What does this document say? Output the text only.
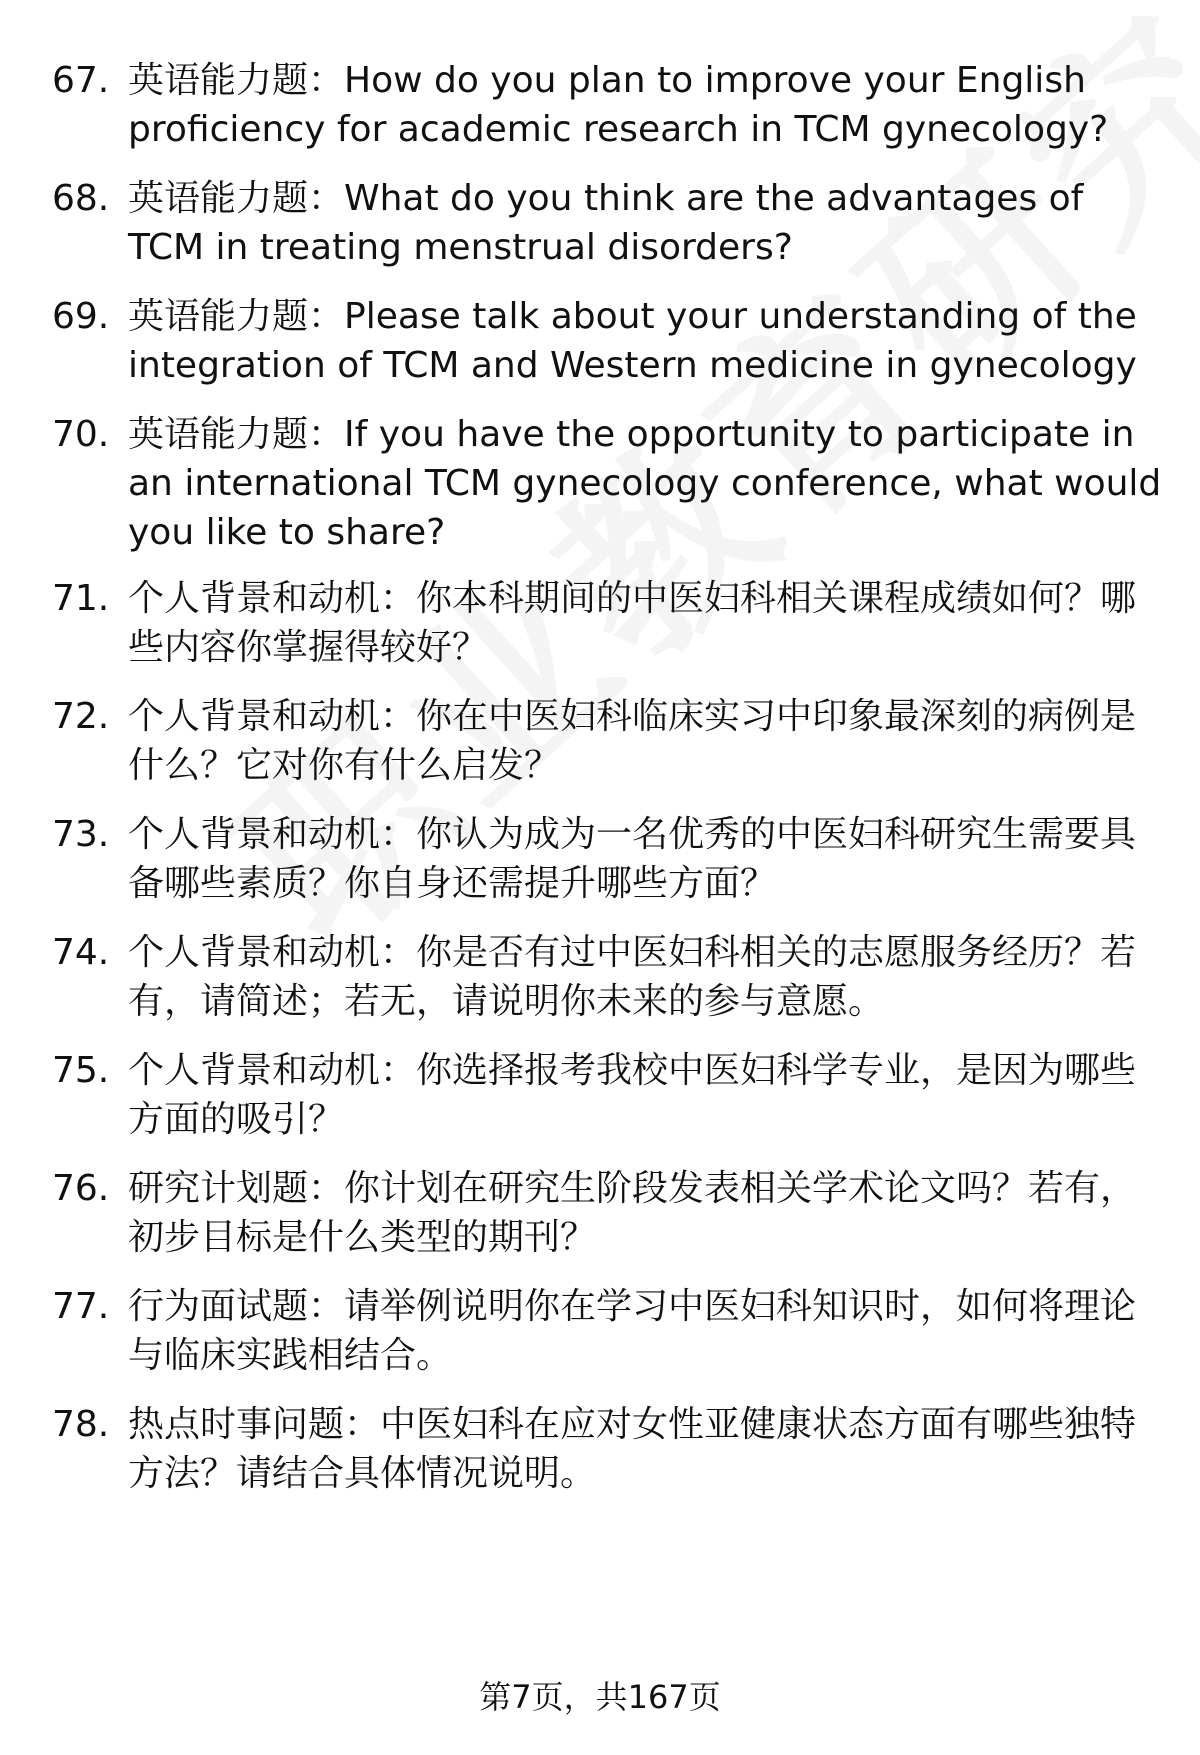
67. 英语能力题：How do you plan to improve your English proficiency for academic research in TCM gynecology?
68. 英语能力题：What do you think are the advantages of TCM in treating menstrual disorders?
69. 英语能力题：Please talk about your understanding of the integration of TCM and Western medicine in gynecology
70. 英语能力题：If you have the opportunity to participate in an international TCM gynecology conference, what would you like to share?
71. 个人背景和动机：你本科期间的中医妇科相关课程成绩如何？哪些内容你掌握得较好？
72. 个人背景和动机：你在中医妇科临床实习中印象最深刻的病例是什么？它对你有什么启发？
73. 个人背景和动机：你认为成为一名优秀的中医妇科研究生需要具备哪些素质？你自身还需提升哪些方面？
74. 个人背景和动机：你是否有过中医妇科相关的志愿服务经历？若有，请简述；若无，请说明你未来的参与意愿。
75. 个人背景和动机：你选择报考我校中医妇科学专业，是因为哪些方面的吸引？
76. 研究计划题：你计划在研究生阶段发表相关学术论文吗？若有，初步目标是什么类型的期刊？
77. 行为面试题：请举例说明你在学习中医妇科知识时，如何将理论与临床实践相结合。
78. 热点时事问题：中医妇科在应对女性亚健康状态方面有哪些独特方法？请结合具体情况说明。
第7页，共167页
